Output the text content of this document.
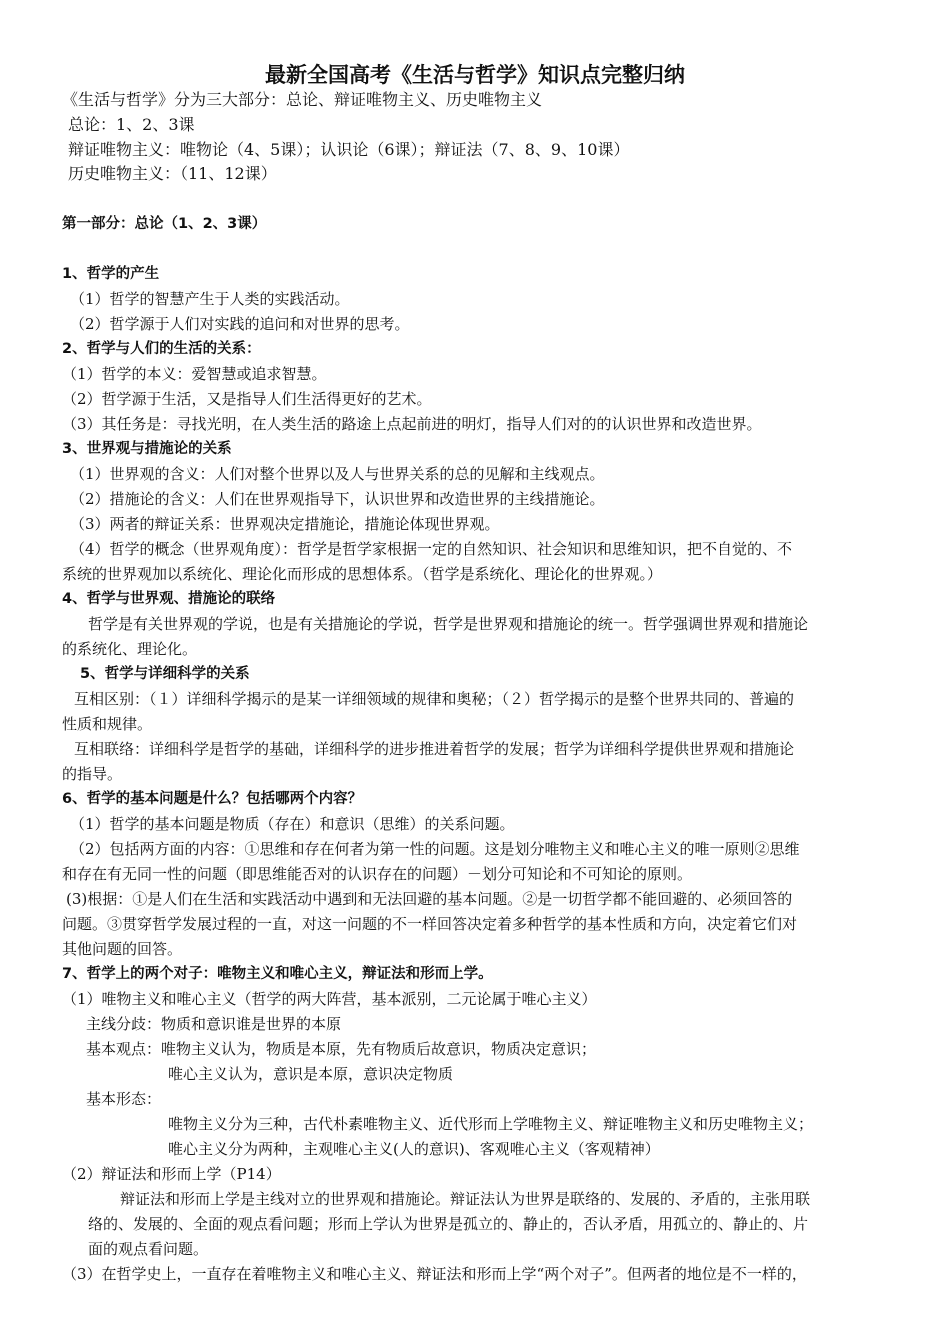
最新全国高考《生活与哲学》知识点完整归纳
《生活与哲学》分为三大部分：总论、辩证唯物主义、历史唯物主义
总论：1、2、3课
辩证唯物主义：唯物论（4、5课）；认识论（6课）；辩证法（7、8、9、10课）
历史唯物主义：（11、12课）
第一部分：总论（1、2、3课）
1、哲学的产生
（1）哲学的智慧产生于人类的实践活动。
（2）哲学源于人们对实践的追问和对世界的思考。
2、哲学与人们的生活的关系：
（1）哲学的本义：爱智慧或追求智慧。
（2）哲学源于生活，又是指导人们生活得更好的艺术。
（3）其任务是：寻找光明，在人类生活的路途上点起前进的明灯，指导人们对的的认识世界和改造世界。
3、世界观与措施论的关系
（1）世界观的含义：人们对整个世界以及人与世界关系的总的见解和主线观点。
（2）措施论的含义：人们在世界观指导下，认识世界和改造世界的主线措施论。
（3）两者的辩证关系：世界观决定措施论，措施论体现世界观。
（4）哲学的概念（世界观角度）：哲学是哲学家根据一定的自然知识、社会知识和思维知识，把不自觉的、不
系统的世界观加以系统化、理论化而形成的思想体系。（哲学是系统化、理论化的世界观。）
4、哲学与世界观、措施论的联络
哲学是有关世界观的学说，也是有关措施论的学说，哲学是世界观和措施论的统一。哲学强调世界观和措施论
的系统化、理论化。
5、哲学与详细科学的关系
互相区别：（１）详细科学揭示的是某一详细领域的规律和奥秘；（２）哲学揭示的是整个世界共同的、普遍的
性质和规律。
互相联络：详细科学是哲学的基础，详细科学的进步推进着哲学的发展；哲学为详细科学提供世界观和措施论
的指导。
6、哲学的基本问题是什么？包括哪两个内容？
（1）哲学的基本问题是物质（存在）和意识（思维）的关系问题。
（2）包括两方面的内容：①思维和存在何者为第一性的问题。这是划分唯物主义和唯心主义的唯一原则②思维
和存在有无同一性的问题（即思维能否对的认识存在的问题）－划分可知论和不可知论的原则。
(3)根据：①是人们在生活和实践活动中遇到和无法回避的基本问题。②是一切哲学都不能回避的、必须回答的
问题。③贯穿哲学发展过程的一直，对这一问题的不一样回答决定着多种哲学的基本性质和方向，决定着它们对
其他问题的回答。
7、哲学上的两个对子：唯物主义和唯心主义，辩证法和形而上学。
（1）唯物主义和唯心主义（哲学的两大阵营，基本派别，二元论属于唯心主义）
主线分歧：物质和意识谁是世界的本原
基本观点：唯物主义认为，物质是本原，先有物质后故意识，物质决定意识；
唯心主义认为，意识是本原，意识决定物质
基本形态：
唯物主义分为三种，古代朴素唯物主义、近代形而上学唯物主义、辩证唯物主义和历史唯物主义；
唯心主义分为两种，主观唯心主义(人的意识)、客观唯心主义（客观精神）
（2）辩证法和形而上学（P14）
辩证法和形而上学是主线对立的世界观和措施论。辩证法认为世界是联络的、发展的、矛盾的，主张用联
络的、发展的、全面的观点看问题；形而上学认为世界是孤立的、静止的，否认矛盾，用孤立的、静止的、片
面的观点看问题。
（3）在哲学史上，一直存在着唯物主义和唯心主义、辩证法和形而上学“两个对子”。但两者的地位是不一样的，
